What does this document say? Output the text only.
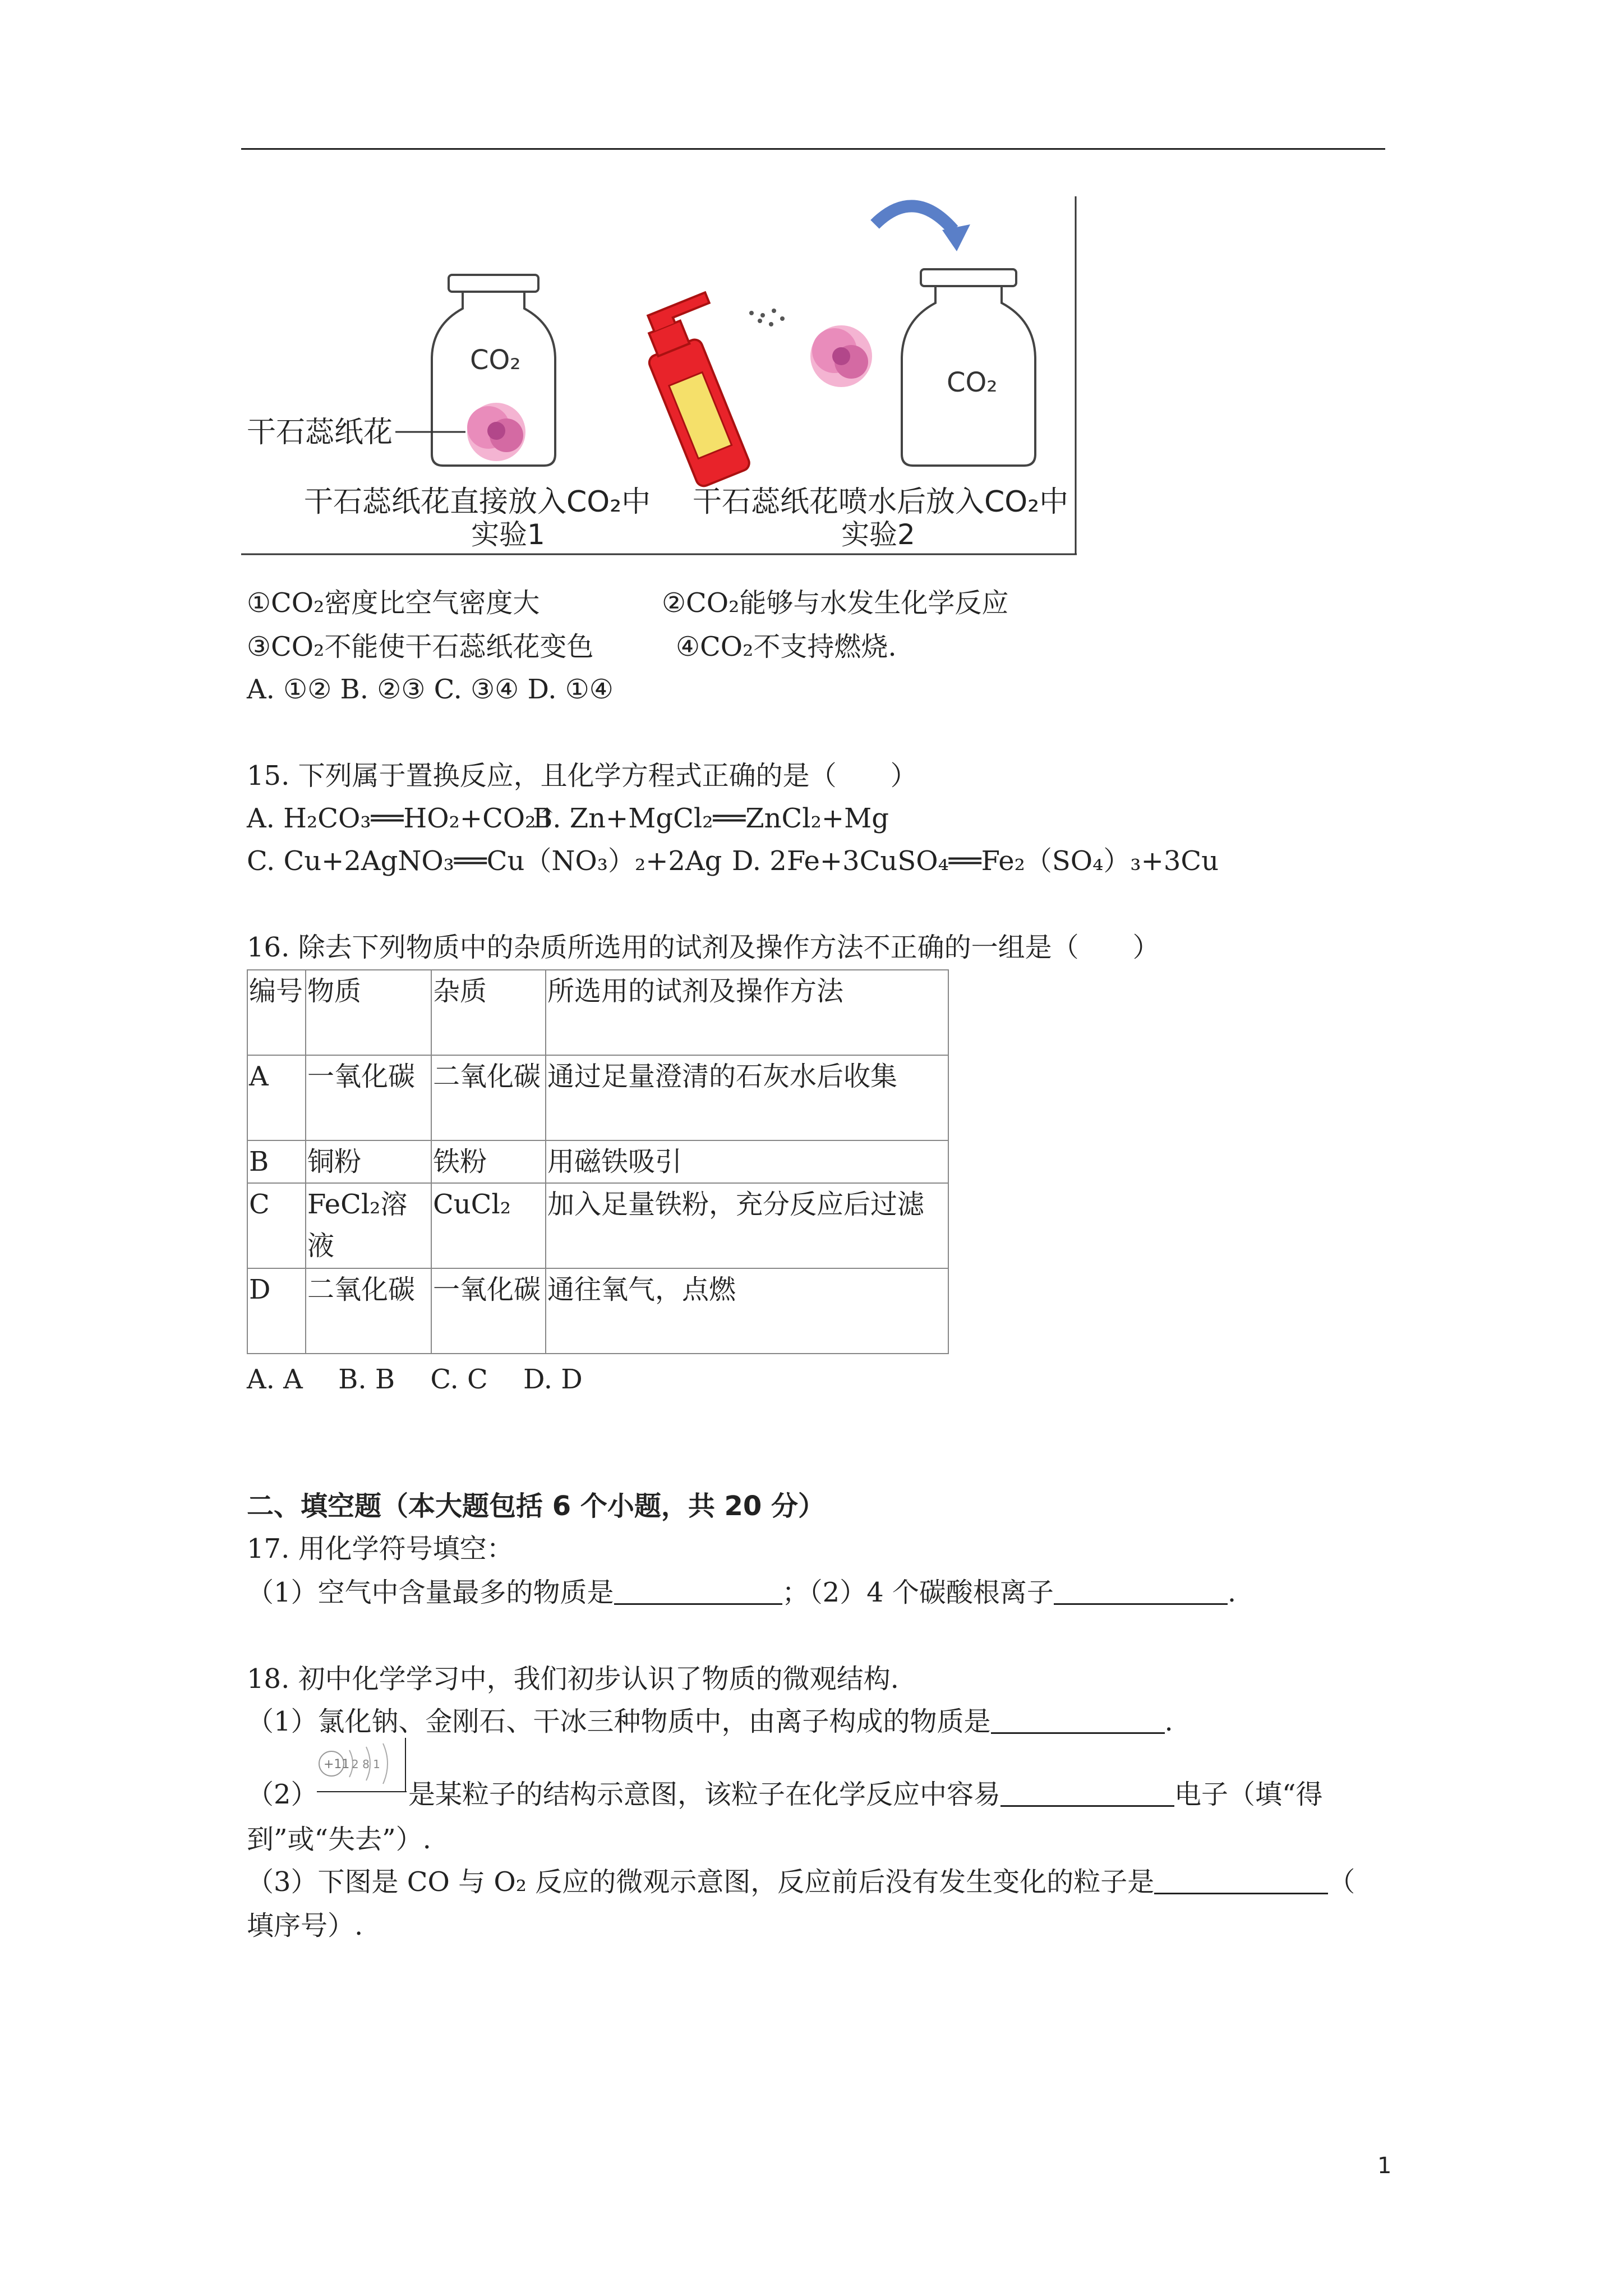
CO₂
干石蕊纸花
CO₂
干石蕊纸花直接放入CO₂中 干石蕊纸花喷水后放入CO₂中
实验1	实验2
①CO₂密度比空气密度大	②CO₂能够与水发生化学反应
③CO₂不能使干石蕊纸花变色	④CO₂不支持燃烧.
A. ①② B. ②③ C. ③④ D. ①④
15. 下列属于置换反应，且化学方程式正确的是（　　）
A. H₂CO₃══HO₂+CO₂↑
B. Zn+MgCl₂══ZnCl₂+Mg
C. Cu+2AgNO₃══Cu（NO₃）₂+2Ag D. 2Fe+3CuSO₄══Fe₂（SO₄）₃+3Cu
16. 除去下列物质中的杂质所选用的试剂及操作方法不正确的一组是（　　）
编号	物质	杂质	所选用的试剂及操作方法
A	一氧化碳	二氧化碳	通过足量澄清的石灰水后收集
B	铜粉	铁粉	用磁铁吸引
C	FeCl₂溶液	CuCl₂	加入足量铁粉，充分反应后过滤
D	二氧化碳	一氧化碳	通往氧气，点燃
A. A　 B. B　 C. C　 D. D
二、填空题（本大题包括 6 个小题，共 20 分）
17. 用化学符号填空：
（1）空气中含量最多的物质是	；（2）4 个碳酸根离子	.
18. 初中化学学习中，我们初步认识了物质的微观结构.
（1）氯化钠、金刚石、干冰三种物质中，由离子构成的物质是	.
+11 2 8 1
（2）	是某粒子的结构示意图，该粒子在化学反应中容易	电子（填“得
到”或“失去”）.
（3）下图是 CO 与 O₂ 反应的微观示意图，反应前后没有发生变化的粒子是	（
填序号）.
1
